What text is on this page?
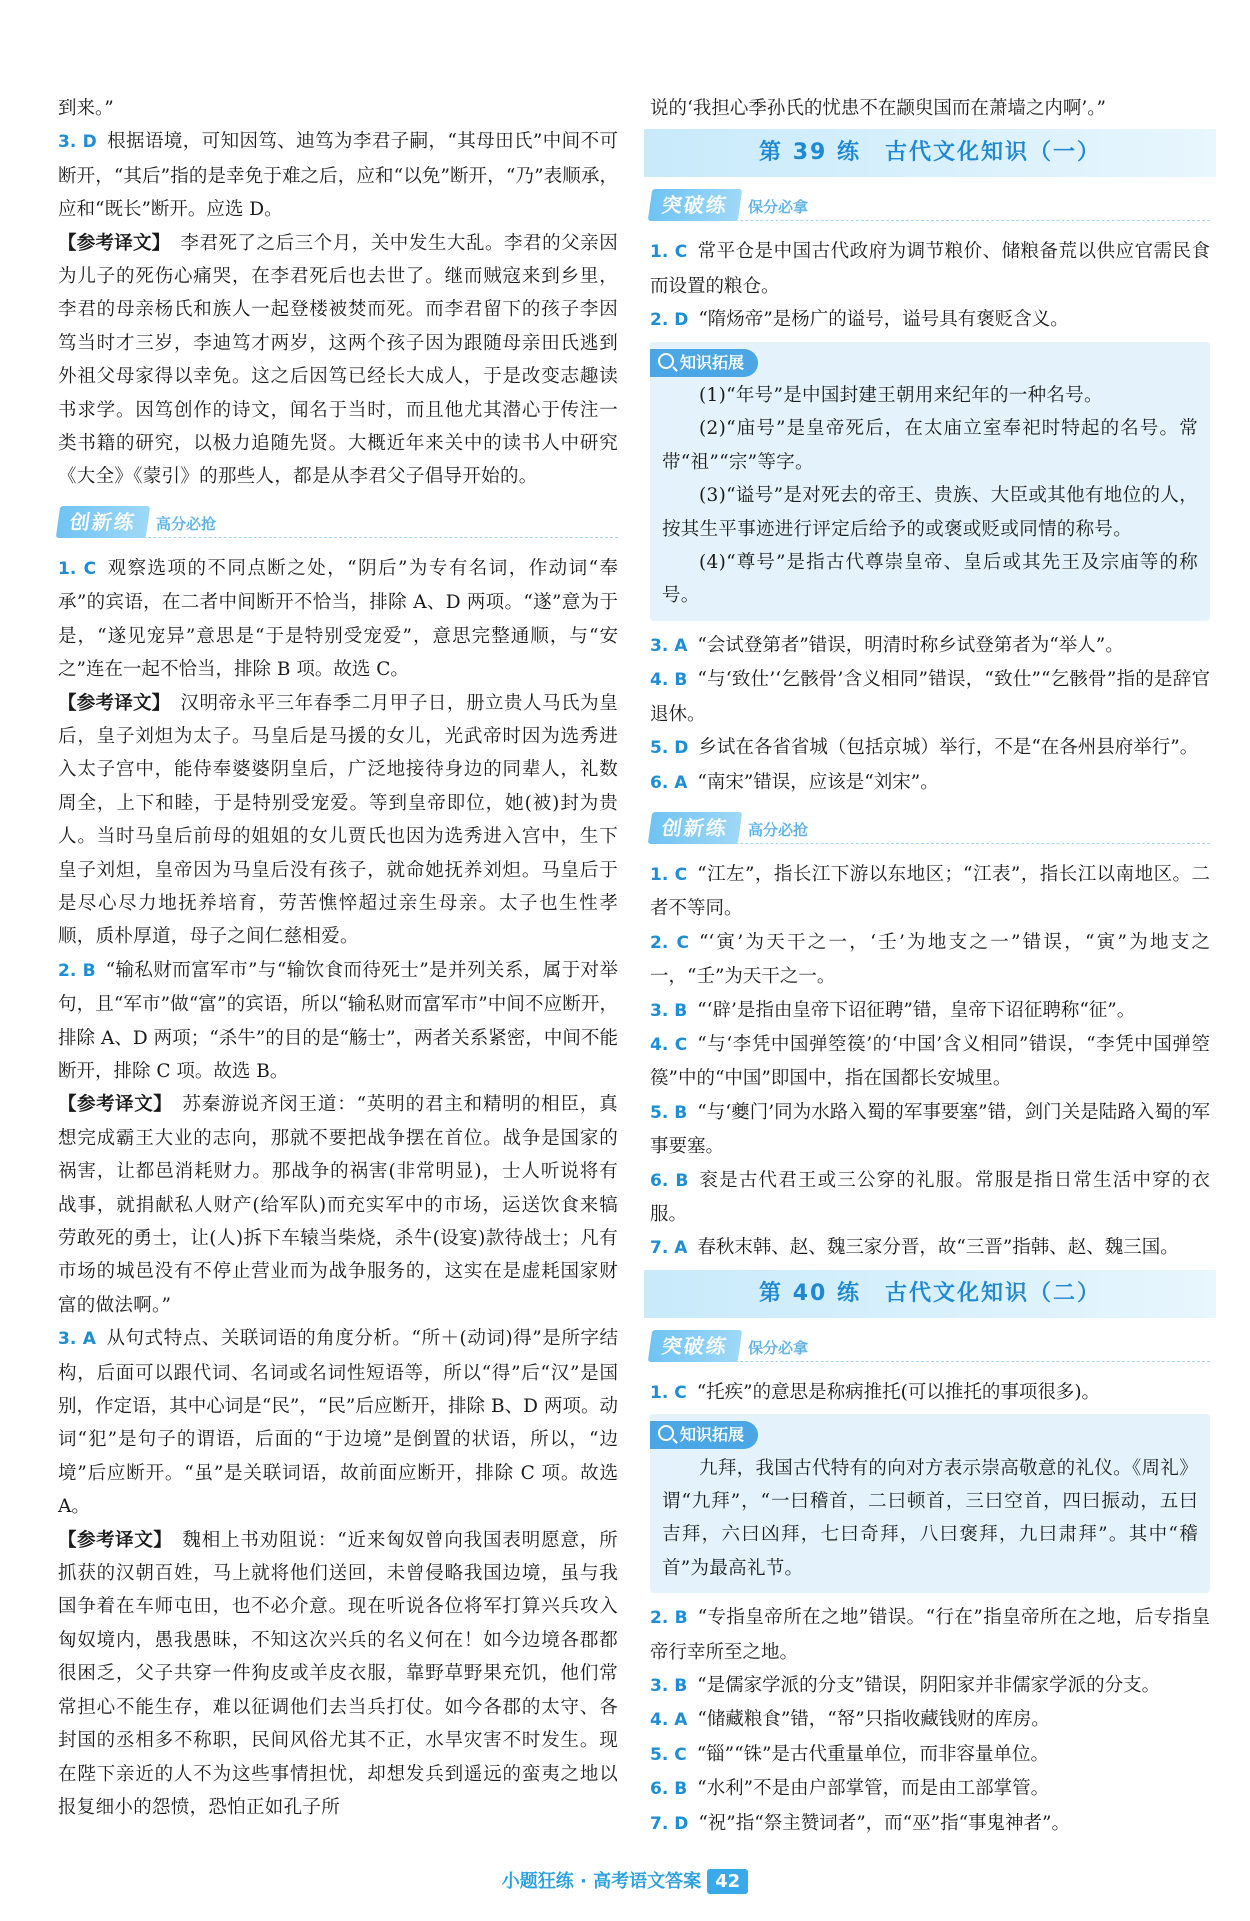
到来。”

3. D 根据语境，可知因笃、迪笃为李君子嗣，“其母田氏”中间不可断开，“其后”指的是幸免于难之后，应和“以免”断开，“乃”表顺承，应和“既长”断开。应选 D。

【参考译文】 李君死了之后三个月，关中发生大乱。李君的父亲因为儿子的死伤心痛哭，在李君死后也去世了。继而贼寇来到乡里，李君的母亲杨氏和族人一起登楼被焚而死。而李君留下的孩子李因笃当时才三岁，李迪笃才两岁，这两个孩子因为跟随母亲田氏逃到外祖父母家得以幸免。这之后因笃已经长大成人，于是改变志趣读书求学。因笃创作的诗文，闻名于当时，而且他尤其潜心于传注一类书籍的研究，以极力追随先贤。大概近年来关中的读书人中研究《大全》《蒙引》的那些人，都是从李君父子倡导开始的。

创新练 高分必抢

1. C 观察选项的不同点断之处，“阴后”为专有名词，作动词“奉承”的宾语，在二者中间断开不恰当，排除 A、D 两项。“遂”意为于是，“遂见宠异”意思是“于是特别受宠爱”，意思完整通顺，与“安之”连在一起不恰当，排除 B 项。故选 C。

【参考译文】 汉明帝永平三年春季二月甲子日，册立贵人马氏为皇后，皇子刘炟为太子。马皇后是马援的女儿，光武帝时因为选秀进入太子宫中，能侍奉婆婆阴皇后，广泛地接待身边的同辈人，礼数周全，上下和睦，于是特别受宠爱。等到皇帝即位，她(被)封为贵人。当时马皇后前母的姐姐的女儿贾氏也因为选秀进入宫中，生下皇子刘炟，皇帝因为马皇后没有孩子，就命她抚养刘炟。马皇后于是尽心尽力地抚养培育，劳苦憔悴超过亲生母亲。太子也生性孝顺，质朴厚道，母子之间仁慈相爱。

2. B “输私财而富军市”与“输饮食而待死士”是并列关系，属于对举句，且“军市”做“富”的宾语，所以“输私财而富军市”中间不应断开，排除 A、D 两项；“杀牛”的目的是“觞士”，两者关系紧密，中间不能断开，排除 C 项。故选 B。

【参考译文】 苏秦游说齐闵王道：“英明的君主和精明的相臣，真想完成霸王大业的志向，那就不要把战争摆在首位。战争是国家的祸害，让都邑消耗财力。那战争的祸害(非常明显)，士人听说将有战事，就捐献私人财产(给军队)而充实军中的市场，运送饮食来犒劳敢死的勇士，让(人)拆下车辕当柴烧，杀牛(设宴)款待战士；凡有市场的城邑没有不停止营业而为战争服务的，这实在是虚耗国家财富的做法啊。”

3. A 从句式特点、关联词语的角度分析。“所＋(动词)得”是所字结构，后面可以跟代词、名词或名词性短语等，所以“得”后“汉”是国别，作定语，其中心词是“民”，“民”后应断开，排除 B、D 两项。动词“犯”是句子的谓语，后面的“于边境”是倒置的状语，所以，“边境”后应断开。“虽”是关联词语，故前面应断开，排除 C 项。故选 A。

【参考译文】 魏相上书劝阻说：“近来匈奴曾向我国表明愿意，所抓获的汉朝百姓，马上就将他们送回，未曾侵略我国边境，虽与我国争着在车师屯田，也不必介意。现在听说各位将军打算兴兵攻入匈奴境内，愚我愚昧，不知这次兴兵的名义何在！如今边境各郡都很困乏，父子共穿一件狗皮或羊皮衣服，靠野草野果充饥，他们常常担心不能生存，难以征调他们去当兵打仗。如今各郡的太守、各封国的丞相多不称职，民间风俗尤其不正，水旱灾害不时发生。现在陛下亲近的人不为这些事情担忧，却想发兵到遥远的蛮夷之地以报复细小的怨愤，恐怕正如孔子所

说的‘我担心季孙氏的忧患不在颛臾国而在萧墙之内啊’。”

第 39 练　古代文化知识（一）
突破练 保分必拿

1. C 常平仓是中国古代政府为调节粮价、储粮备荒以供应官需民食而设置的粮仓。

2. D “隋炀帝”是杨广的谥号，谥号具有褒贬含义。

知识拓展

(1)“年号”是中国封建王朝用来纪年的一种名号。

(2)“庙号”是皇帝死后，在太庙立室奉祀时特起的名号。常带“祖”“宗”等字。

(3)“谥号”是对死去的帝王、贵族、大臣或其他有地位的人，按其生平事迹进行评定后给予的或褒或贬或同情的称号。

(4)“尊号”是指古代尊崇皇帝、皇后或其先王及宗庙等的称号。

3. A “会试登第者”错误，明清时称乡试登第者为“举人”。

4. B “与‘致仕’‘乞骸骨’含义相同”错误，“致仕”“乞骸骨”指的是辞官退休。

5. D 乡试在各省省城（包括京城）举行，不是“在各州县府举行”。

6. A “南宋”错误，应该是“刘宋”。

创新练 高分必抢

1. C “江左”，指长江下游以东地区；“江表”，指长江以南地区。二者不等同。

2. C “‘寅’为天干之一，‘壬’为地支之一”错误，“寅”为地支之一，“壬”为天干之一。

3. B “‘辟’是指由皇帝下诏征聘”错，皇帝下诏征聘称“征”。

4. C “与‘李凭中国弹箜篌’的‘中国’含义相同”错误，“李凭中国弹箜篌”中的“中国”即国中，指在国都长安城里。

5. B “与‘夔门’同为水路入蜀的军事要塞”错，剑门关是陆路入蜀的军事要塞。

6. B 衮是古代君王或三公穿的礼服。常服是指日常生活中穿的衣服。

7. A 春秋末韩、赵、魏三家分晋，故“三晋”指韩、赵、魏三国。

第 40 练　古代文化知识（二）
突破练 保分必拿

1. C “托疾”的意思是称病推托(可以推托的事项很多)。

知识拓展

九拜，我国古代特有的向对方表示崇高敬意的礼仪。《周礼》谓“九拜”，“一曰稽首，二曰顿首，三曰空首，四曰振动，五曰吉拜，六曰凶拜，七曰奇拜，八曰褒拜，九曰肃拜”。其中“稽首”为最高礼节。

2. B “专指皇帝所在之地”错误。“行在”指皇帝所在之地，后专指皇帝行幸所至之地。

3. B “是儒家学派的分支”错误，阴阳家并非儒家学派的分支。

4. A “储藏粮食”错，“帑”只指收藏钱财的库房。

5. C “锱”“铢”是古代重量单位，而非容量单位。

6. B “水利”不是由户部掌管，而是由工部掌管。

7. D “祝”指“祭主赞词者”，而“巫”指“事鬼神者”。

小题狂练 · 高考语文答案 42
